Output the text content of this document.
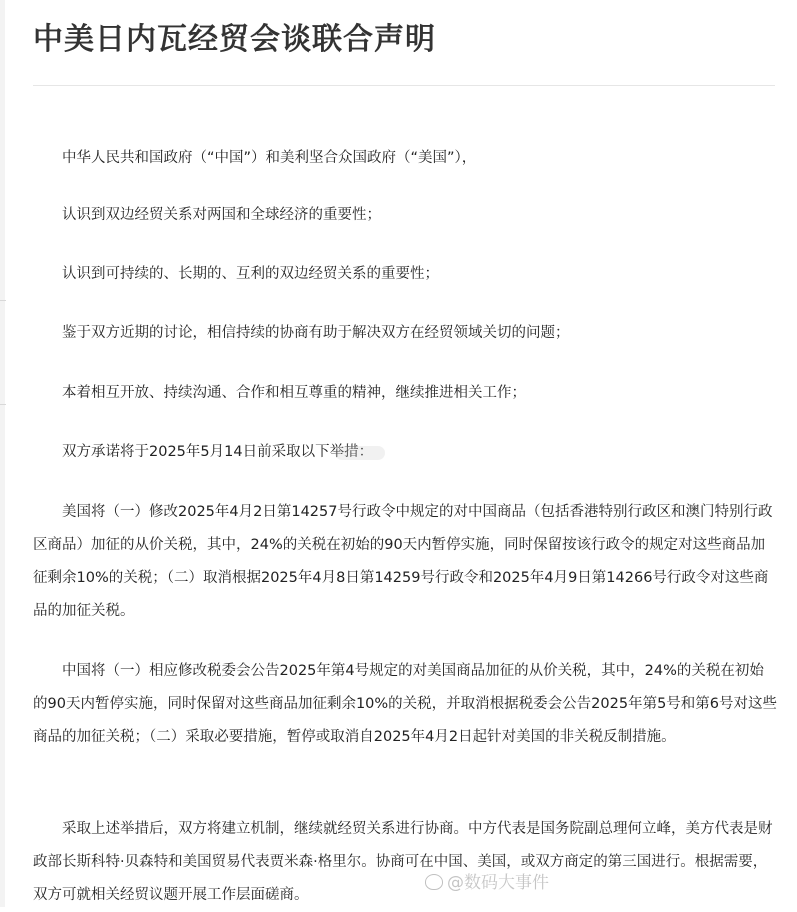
中美日内瓦经贸会谈联合声明

中华人民共和国政府（“中国”）和美利坚合众国政府（“美国”），

认识到双边经贸关系对两国和全球经济的重要性；

认识到可持续的、长期的、互利的双边经贸关系的重要性；

鉴于双方近期的讨论，相信持续的协商有助于解决双方在经贸领域关切的问题；

本着相互开放、持续沟通、合作和相互尊重的精神，继续推进相关工作；

双方承诺将于2025年5月14日前采取以下举措：

美国将（一）修改2025年4月2日第14257号行政令中规定的对中国商品（包括香港特别行政区和澳门特别行政区商品）加征的从价关税，其中，24%的关税在初始的90天内暂停实施，同时保留按该行政令的规定对这些商品加征剩余10%的关税；（二）取消根据2025年4月8日第14259号行政令和2025年4月9日第14266号行政令对这些商品的加征关税。

中国将（一）相应修改税委会公告2025年第4号规定的对美国商品加征的从价关税，其中，24%的关税在初始的90天内暂停实施，同时保留对这些商品加征剩余10%的关税，并取消根据税委会公告2025年第5号和第6号对这些商品的加征关税；（二）采取必要措施，暂停或取消自2025年4月2日起针对美国的非关税反制措施。

采取上述举措后，双方将建立机制，继续就经贸关系进行协商。中方代表是国务院副总理何立峰，美方代表是财政部长斯科特·贝森特和美国贸易代表贾米森·格里尔。协商可在中国、美国，或双方商定的第三国进行。根据需要，双方可就相关经贸议题开展工作层面磋商。

@数码大事件
